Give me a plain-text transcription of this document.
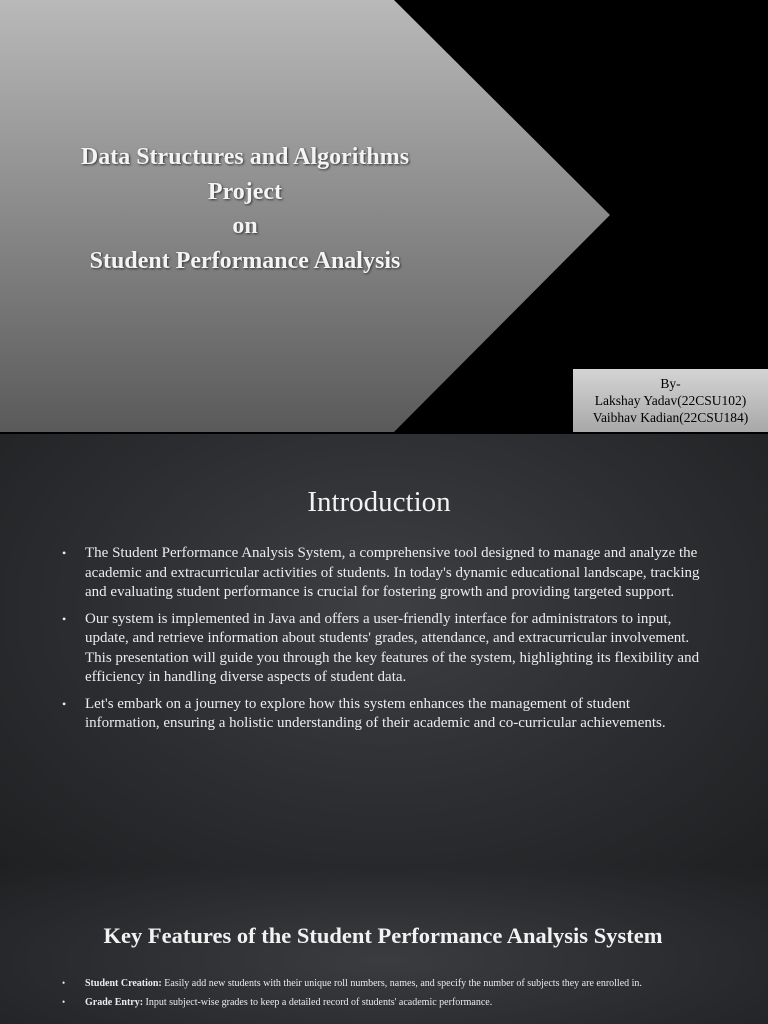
Data Structures and Algorithms
Project
on
Student Performance Analysis
By-
Lakshay Yadav(22CSU102)
Vaibhav Kadian(22CSU184)
Introduction
• The Student Performance Analysis System, a comprehensive tool designed to manage and analyze the academic and extracurricular activities of students. In today's dynamic educational landscape, tracking and evaluating student performance is crucial for fostering growth and providing targeted support.
• Our system is implemented in Java and offers a user-friendly interface for administrators to input, update, and retrieve information about students' grades, attendance, and extracurricular involvement. This presentation will guide you through the key features of the system, highlighting its flexibility and efficiency in handling diverse aspects of student data.
• Let's embark on a journey to explore how this system enhances the management of student information, ensuring a holistic understanding of their academic and co-curricular achievements.
Key Features of the Student Performance Analysis System
• Student Creation: Easily add new students with their unique roll numbers, names, and specify the number of subjects they are enrolled in.
• Grade Entry: Input subject-wise grades to keep a detailed record of students' academic performance.
